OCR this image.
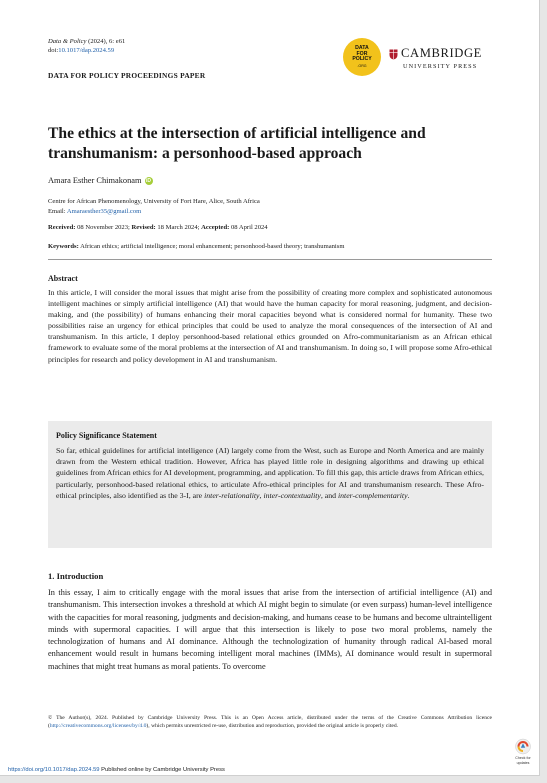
Data & Policy (2024), 6: e61
doi:10.1017/dap.2024.59
DATA FOR POLICY PROCEEDINGS PAPER
DATA
FOR
POLICY
.ORG
CAMBRIDGE
UNIVERSITY PRESS
The ethics at the intersection of artificial intelligence and transhumanism: a personhood-based approach
Amara Esther Chimakonam iD
Centre for African Phenomenology, University of Fort Hare, Alice, South Africa
Email: Amaraesther35@gmail.com
Received: 08 November 2023; Revised: 18 March 2024; Accepted: 08 April 2024
Keywords: African ethics; artificial intelligence; moral enhancement; personhood-based theory; transhumanism
Abstract

In this article, I will consider the moral issues that might arise from the possibility of creating more complex and sophisticated autonomous intelligent machines or simply artificial intelligence (AI) that would have the human capacity for moral reasoning, judgment, and decision-making, and (the possibility) of humans enhancing their moral capacities beyond what is considered normal for humanity. These two possibilities raise an urgency for ethical principles that could be used to analyze the moral consequences of the intersection of AI and transhumanism. In this article, I deploy personhood-based relational ethics grounded on Afro-communitarianism as an African ethical framework to evaluate some of the moral problems at the intersection of AI and transhumanism. In doing so, I will propose some Afro-ethical principles for research and policy development in AI and transhumanism.

Policy Significance Statement

So far, ethical guidelines for artificial intelligence (AI) largely come from the West, such as Europe and North America and are mainly drawn from the Western ethical tradition. However, Africa has played little role in designing algorithms and drawing up ethical guidelines from African ethics for AI development, programming, and application. To fill this gap, this article draws from African ethics, particularly, personhood-based relational ethics, to articulate Afro-ethical principles for AI and transhumanism research. These Afro-ethical principles, also identified as the 3-I, are inter-relationality, inter-contextuality, and inter-complementarity.

1. Introduction

In this essay, I aim to critically engage with the moral issues that arise from the intersection of artificial intelligence (AI) and transhumanism. This intersection invokes a threshold at which AI might begin to simulate (or even surpass) human-level intelligence with the capacities for moral reasoning, judgments and decision-making, and humans cease to be humans and become ultraintelligent minds with supermoral capacities. I will argue that this intersection is likely to pose two moral problems, namely the technologization of humans and AI dominance. Although the technologization of humanity through radical AI-based moral enhancement would result in humans becoming intelligent moral machines (IMMs), AI dominance would result in supermoral machines that might treat humans as moral patients. To overcome

© The Author(s), 2024. Published by Cambridge University Press. This is an Open Access article, distributed under the terms of the Creative Commons Attribution licence (http://creativecommons.org/licenses/by/4.0), which permits unrestricted re-use, distribution and reproduction, provided the original article is properly cited.

Check for
updates
https://doi.org/10.1017/dap.2024.59 Published online by Cambridge University Press
